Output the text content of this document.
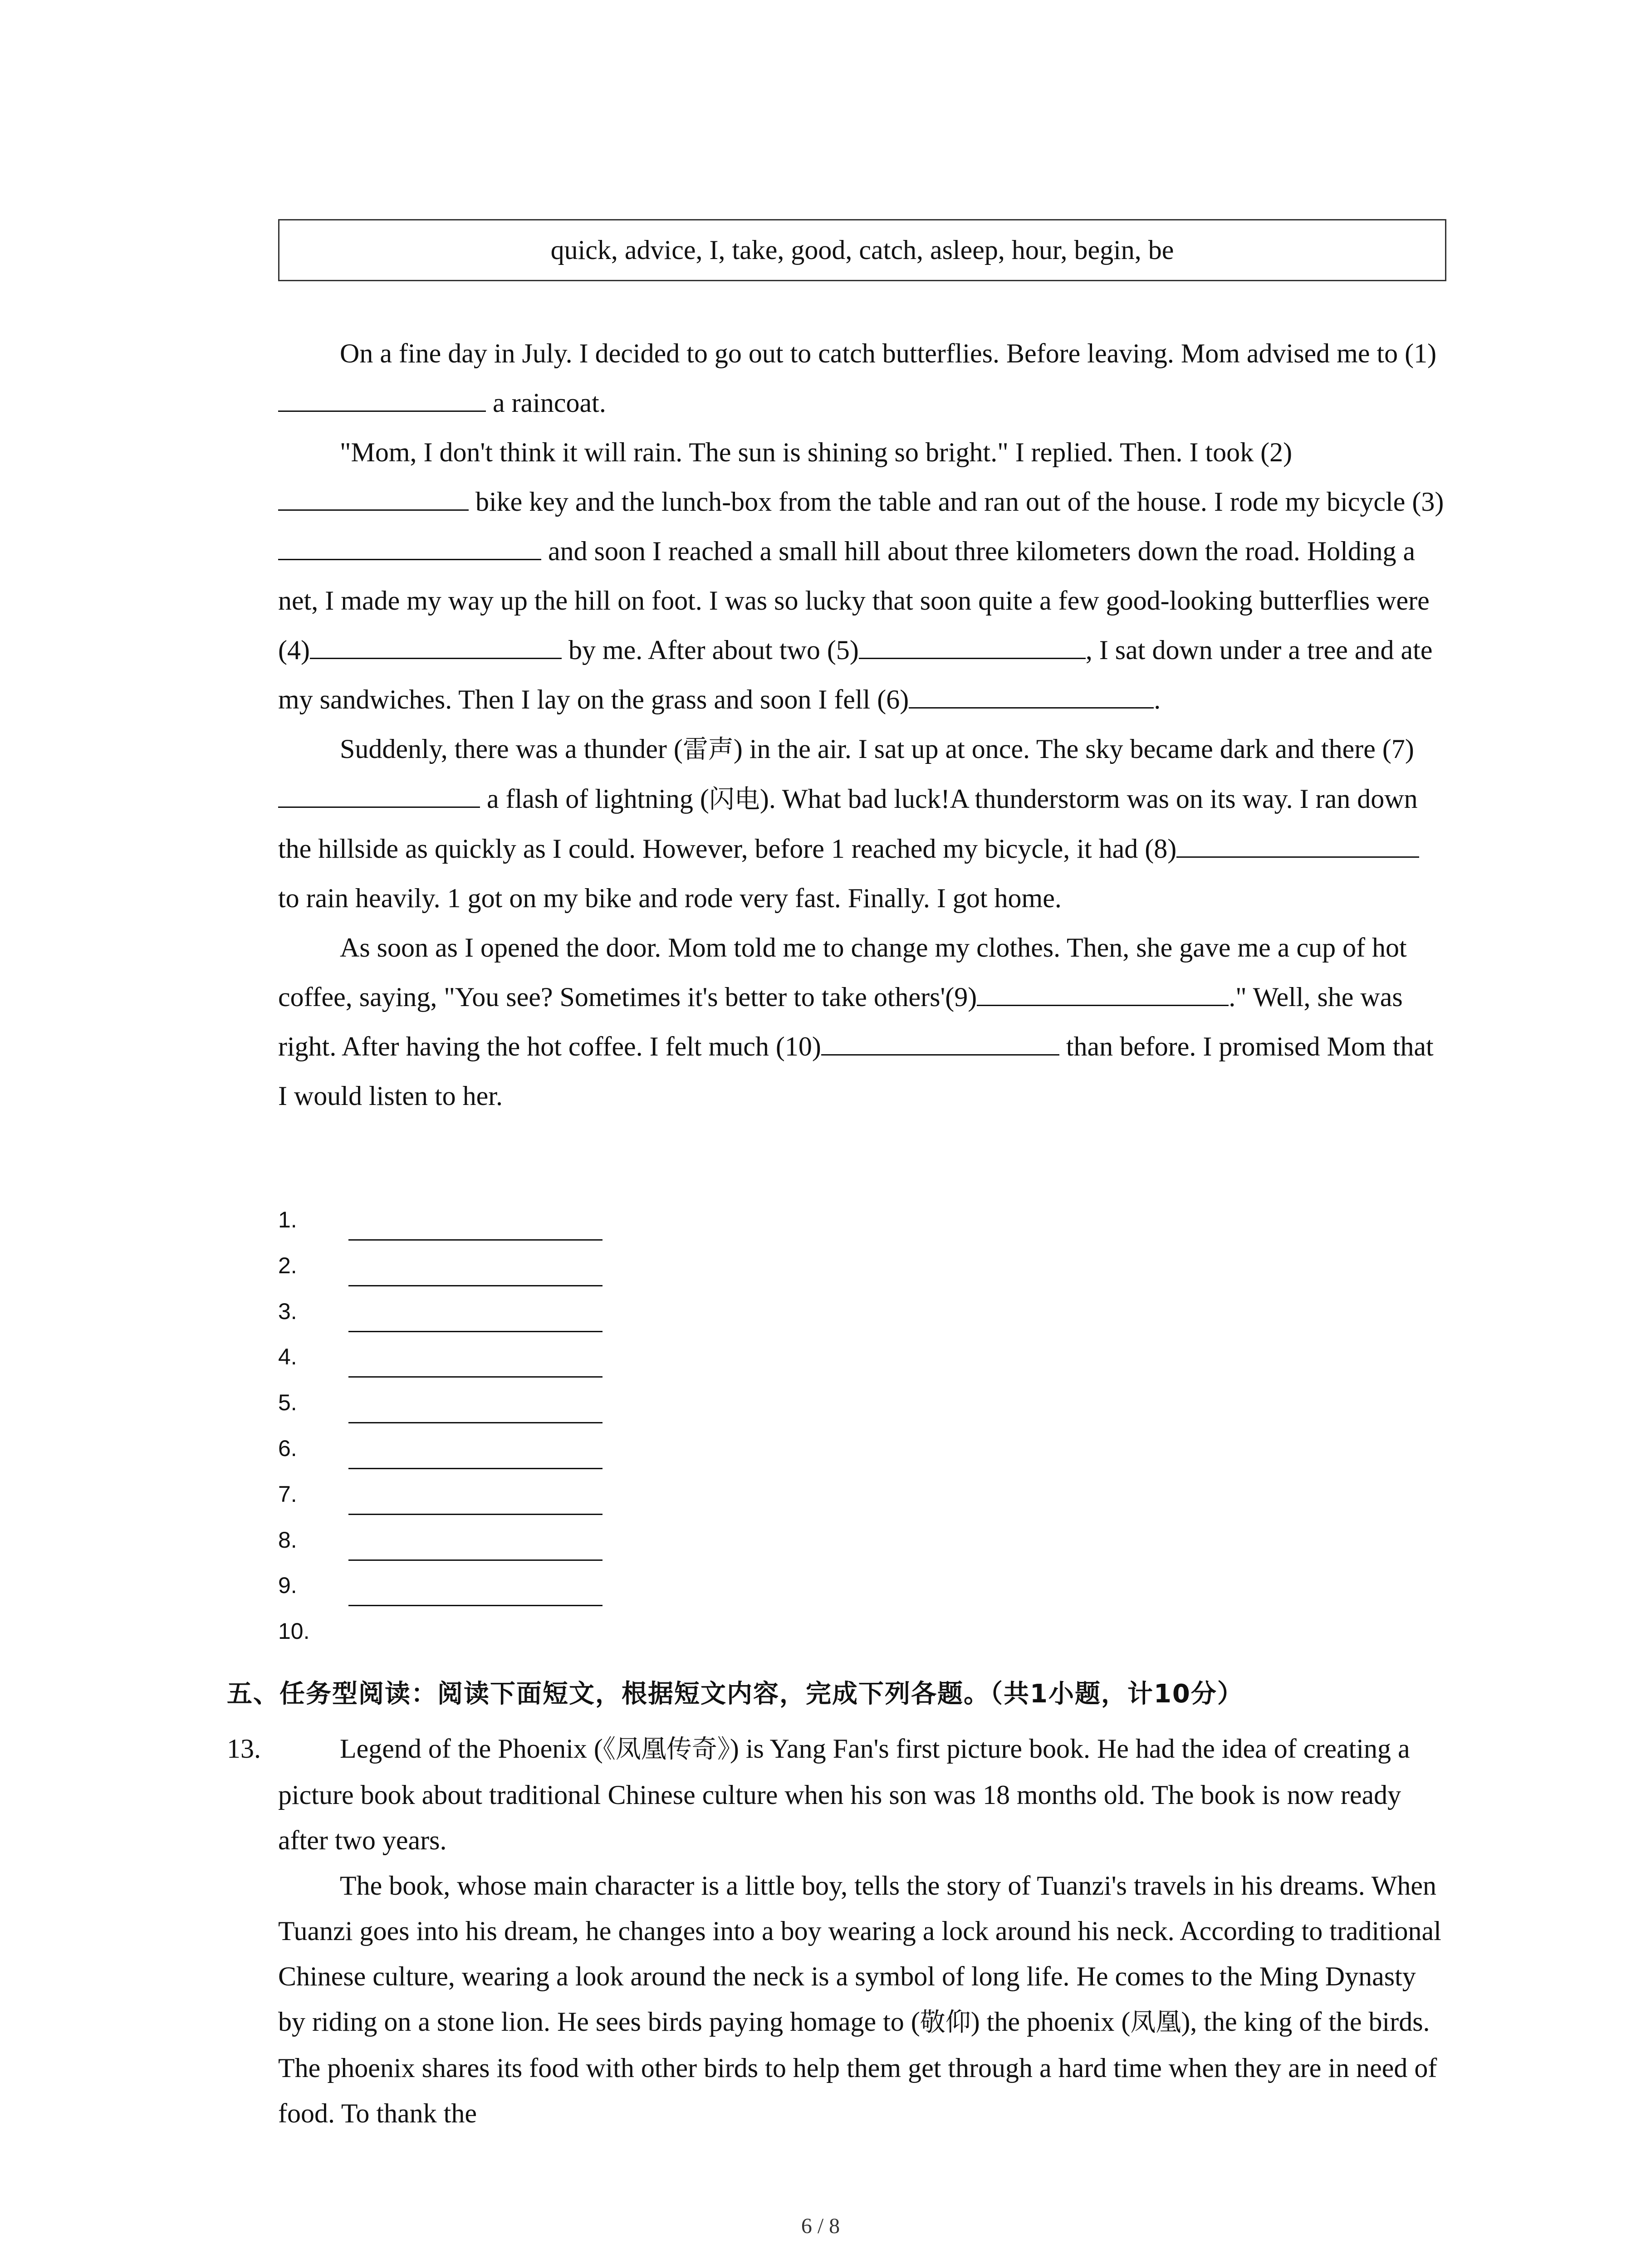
quick, advice, I, take, good, catch, asleep, hour, begin, be

On a fine day in July. I decided to go out to catch butterflies. Before leaving. Mom advised me to (1) a raincoat.

"Mom, I don't think it will rain. The sun is shining so bright." I replied. Then. I took (2) bike key and the lunch-box from the table and ran out of the house. I rode my bicycle (3) and soon I reached a small hill about three kilometers down the road. Holding a net, I made my way up the hill on foot. I was so lucky that soon quite a few good-looking butterflies were (4)	by me. After about two (5)	, I sat down under a tree and ate my sandwiches. Then I lay on the grass and soon I fell (6)	.

Suddenly, there was a thunder (雷声) in the air. I sat up at once. The sky became dark and there (7) a flash of lightning (闪电). What bad luck!A thunderstorm was on its way. I ran down the hillside as quickly as I could. However, before 1 reached my bicycle, it had (8) to rain heavily. 1 got on my bike and rode very fast. Finally. I got home.

As soon as I opened the door. Mom told me to change my clothes. Then, she gave me a cup of hot coffee, saying, "You see? Sometimes it's better to take others'(9)	." Well, she was right. After having the hot coffee. I felt much (10)	than before. I promised Mom that I would listen to her.

1.
2.
3.
4.
5.
6.
7.
8.
9.
10.
五、任务型阅读：阅读下面短文，根据短文内容，完成下列各题。（共1小题，计10分）
13.	Legend of the Phoenix (《凤凰传奇》) is Yang Fan's first picture book. He had the idea of creating a picture book about traditional Chinese culture when his son was 18 months old. The book is now ready after two years.

The book, whose main character is a little boy, tells the story of Tuanzi's travels in his dreams. When Tuanzi goes into his dream, he changes into a boy wearing a lock around his neck. According to traditional Chinese culture, wearing a look around the neck is a symbol of long life. He comes to the Ming Dynasty by riding on a stone lion. He sees birds paying homage to (敬仰) the phoenix (凤凰), the king of the birds. The phoenix shares its food with other birds to help them get through a hard time when they are in need of food. To thank the

6 / 8
